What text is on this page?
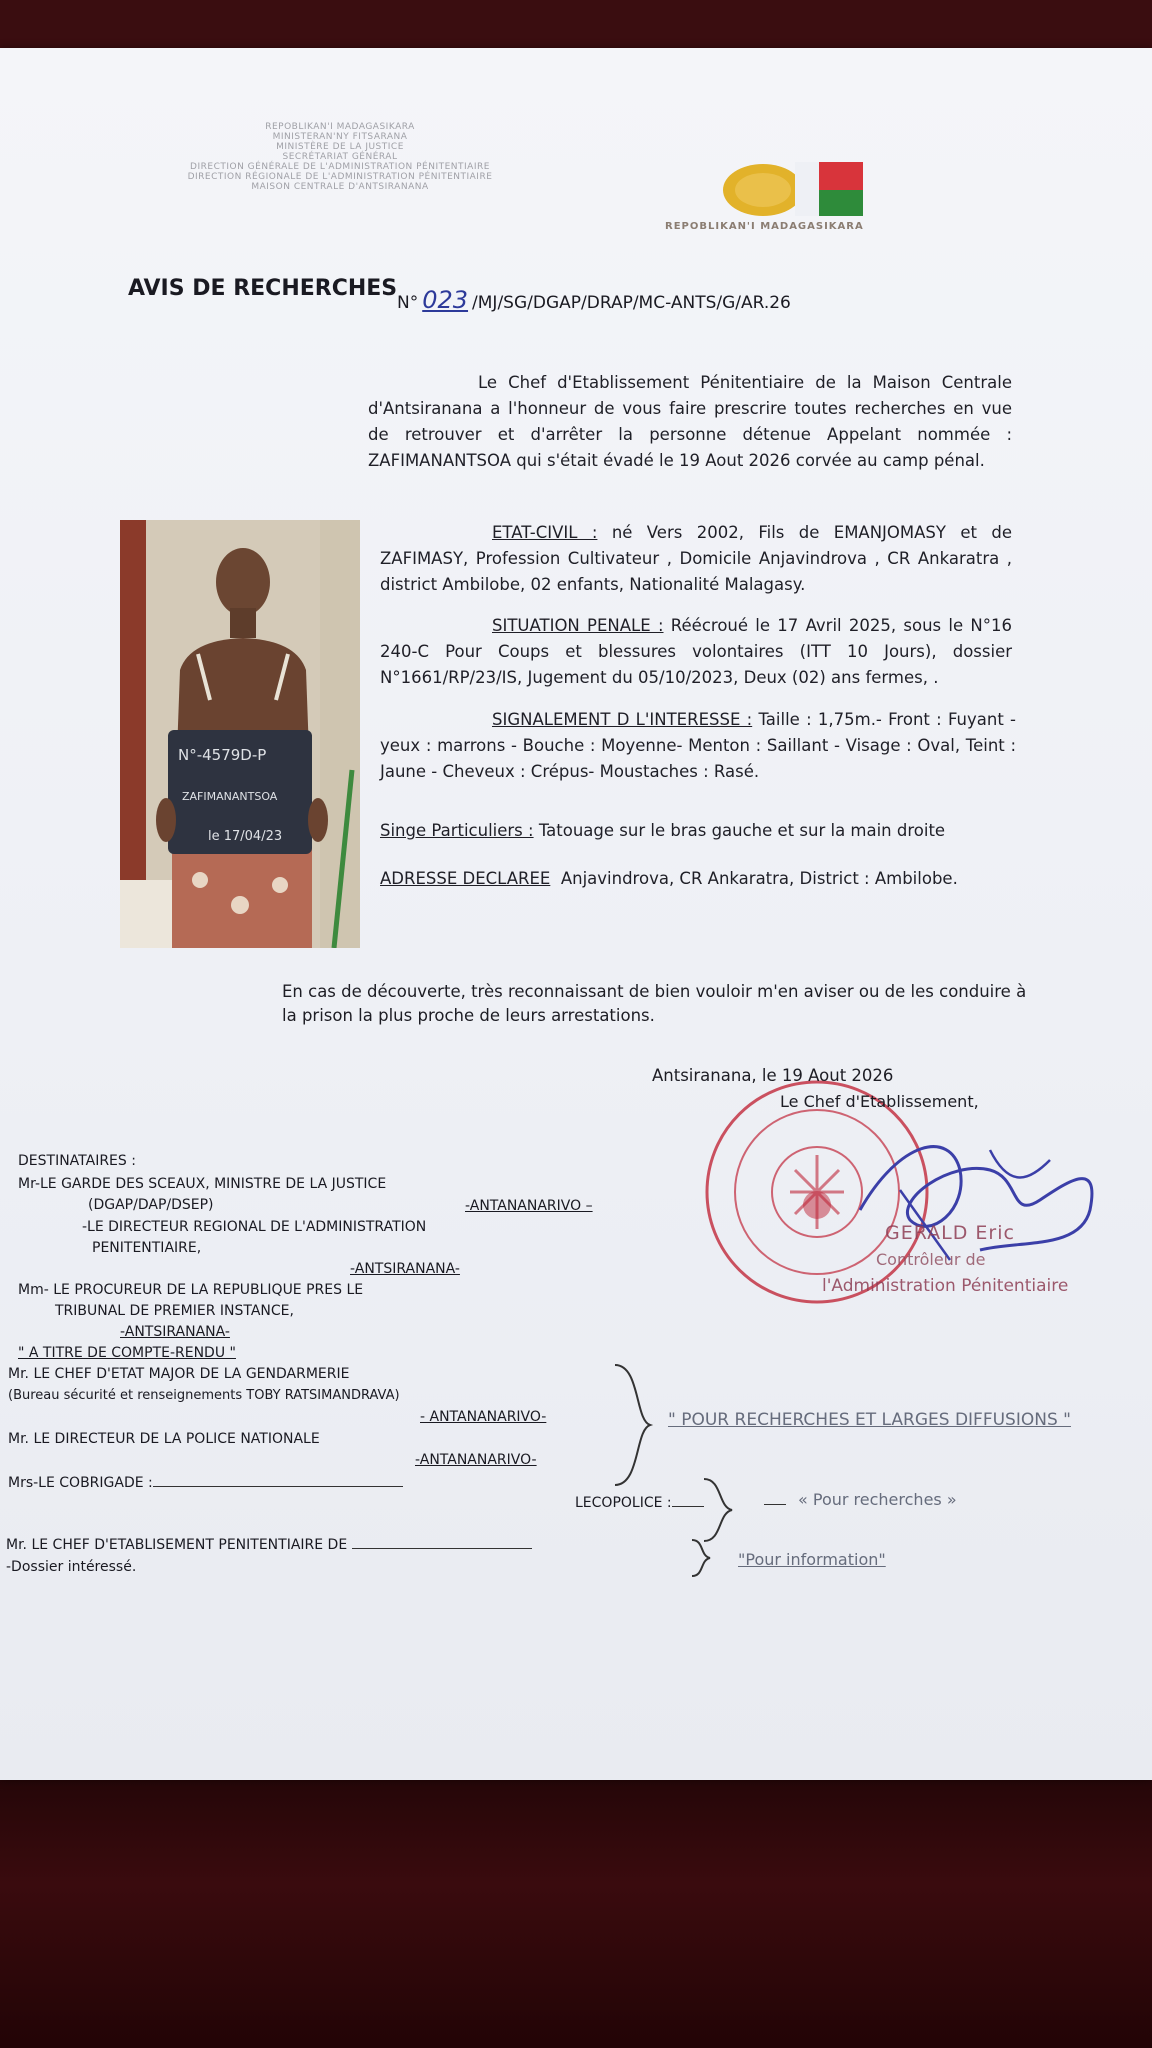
REPOBLIKAN'I MADAGASIKARA
MINISTERAN'NY FITSARANA
MINISTÈRE DE LA JUSTICE
SECRÉTARIAT GÉNÉRAL
DIRECTION GÉNÉRALE DE L'ADMINISTRATION PÉNITENTIAIRE
DIRECTION RÉGIONALE DE L'ADMINISTRATION PÉNITENTIAIRE
MAISON CENTRALE D'ANTSIRANANA
REPOBLIKAN'I MADAGASIKARA
AVIS DE RECHERCHES
N° 023 /MJ/SG/DGAP/DRAP/MC-ANTS/G/AR.26
Le Chef d'Etablissement Pénitentiaire de la Maison Centrale d'Antsiranana a l'honneur de vous faire prescrire toutes recherches en vue de retrouver et d'arrêter la personne détenue Appelant nommée : ZAFIMANANTSOA qui s'était évadé le 19 Aout 2026 corvée au camp pénal.
ETAT-CIVIL : né Vers 2002, Fils de EMANJOMASY et de ZAFIMASY, Profession Cultivateur , Domicile Anjavindrova , CR Ankaratra , district Ambilobe, 02 enfants, Nationalité Malagasy.
SITUATION PENALE : Réécroué le 17 Avril 2025, sous le N°16 240-C Pour Coups et blessures volontaires (ITT 10 Jours), dossier N°1661/RP/23/IS, Jugement du 05/10/2023, Deux (02) ans fermes, .
SIGNALEMENT D L'INTERESSE : Taille : 1,75m.- Front : Fuyant - yeux : marrons - Bouche : Moyenne- Menton : Saillant - Visage : Oval, Teint : Jaune - Cheveux : Crépus- Moustaches : Rasé.
Singe Particuliers : Tatouage sur le bras gauche et sur la main droite
ADRESSE DECLAREE Anjavindrova, CR Ankaratra, District : Ambilobe.
N°-4579D-P
ZAFIMANANTSOA
le 17/04/23
En cas de découverte, très reconnaissant de bien vouloir m'en aviser ou de les conduire à la prison la plus proche de leurs arrestations.
Antsiranana, le 19 Aout 2026
Le Chef d'Etablissement,
GERALD Eric
Contrôleur de
l'Administration Pénitentiaire
DESTINATAIRES :
Mr-LE GARDE DES SCEAUX, MINISTRE DE LA JUSTICE
(DGAP/DAP/DSEP)	-ANTANANARIVO –
-LE DIRECTEUR REGIONAL DE L'ADMINISTRATION
PENITENTIAIRE,
-ANTSIRANANA-
Mm- LE PROCUREUR DE LA REPUBLIQUE PRES LE
TRIBUNAL DE PREMIER INSTANCE,
-ANTSIRANANA-
" A TITRE DE COMPTE-RENDU "
Mr. LE CHEF D'ETAT MAJOR DE LA GENDARMERIE
(Bureau sécurité et renseignements TOBY RATSIMANDRAVA)
- ANTANANARIVO-
Mr. LE DIRECTEUR DE LA POLICE NATIONALE
-ANTANANARIVO-
Mrs-LE COBRIGADE :
Mr. LE CHEF D'ETABLISEMENT PENITENTIAIRE DE
-Dossier intéressé.
" POUR RECHERCHES ET LARGES DIFFUSIONS "
LECOPOLICE :	« Pour recherches »
"Pour information"
